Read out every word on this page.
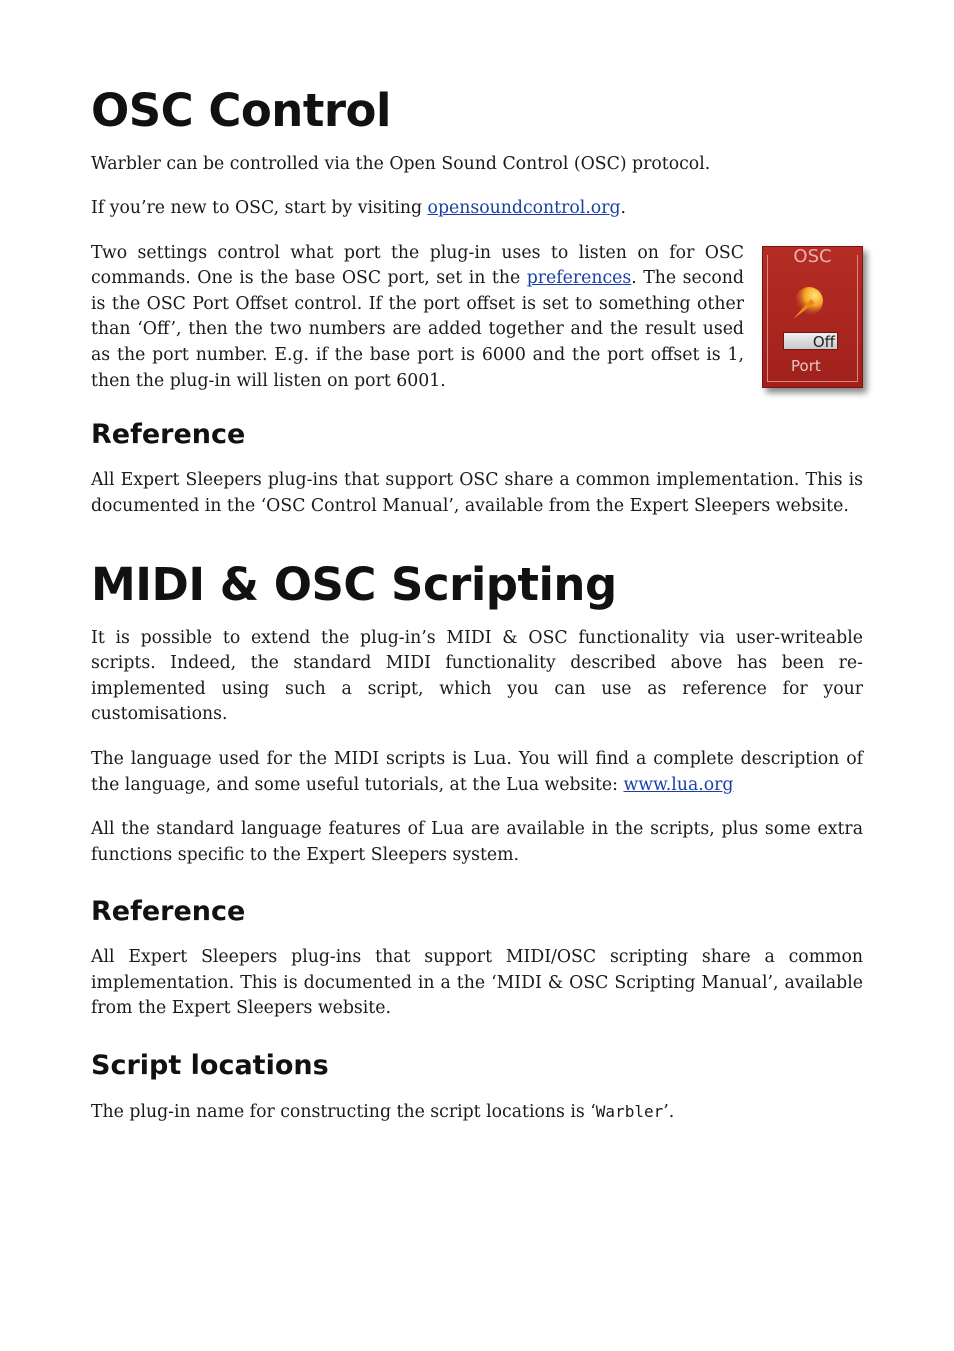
OSC Control

Warbler can be controlled via the Open Sound Control (OSC) protocol.

If you’re new to OSC, start by visiting opensoundcontrol.org.

Two settings control what port the plug-in uses to listen on for OSC commands. One is the base OSC port, set in the preferences. The second is the OSC Port Offset control. If the port offset is set to something other than ‘Off’, then the two numbers are added together and the result used as the port number. E.g. if the base port is 6000 and the port offset is 1, then the plug-in will listen on port 6001.

OSC
Off
Port
Reference

All Expert Sleepers plug-ins that support OSC share a common implementation. This is documented in the ‘OSC Control Manual’, available from the Expert Sleepers website.

MIDI & OSC Scripting

It is possible to extend the plug-in’s MIDI & OSC functionality via user-writeable scripts. Indeed, the standard MIDI functionality described above has been re-implemented using such a script, which you can use as reference for your customisations.

The language used for the MIDI scripts is Lua. You will find a complete description of the language, and some useful tutorials, at the Lua website: www.lua.org

All the standard language features of Lua are available in the scripts, plus some extra functions specific to the Expert Sleepers system.

Reference

All Expert Sleepers plug-ins that support MIDI/OSC scripting share a common implementation. This is documented in a the ‘MIDI & OSC Scripting Manual’, available from the Expert Sleepers website.

Script locations

The plug-in name for constructing the script locations is ‘Warbler’.
